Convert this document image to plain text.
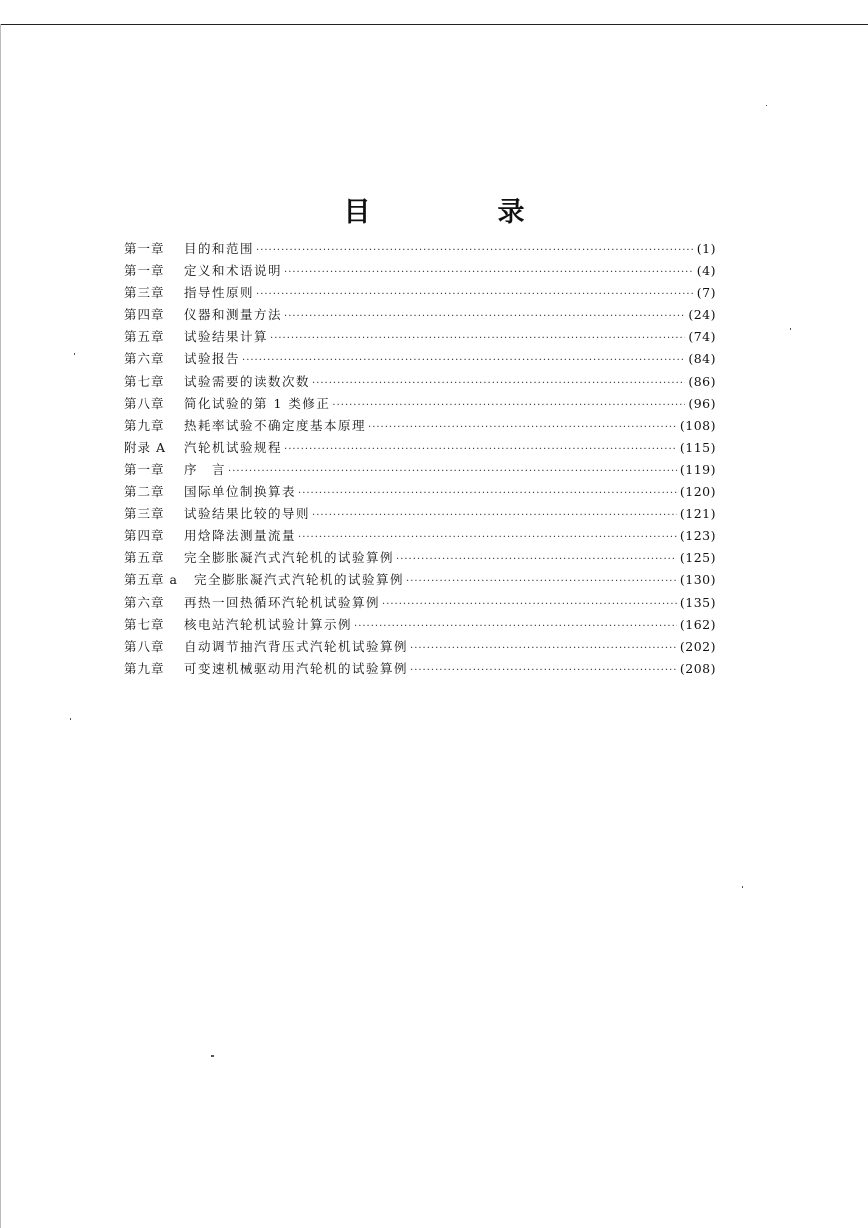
目　录
第一章	目的和范围 ·····	(1)
第一章	定义和术语说明 ·····	(4)
第三章	指导性原则 ·····	(7)
第四章	仪器和测量方法 ·····	(24)
第五章	试验结果计算 ·····	(74)
第六章	试验报告 ·····	(84)
第七章	试验需要的读数次数 ·····	(86)
第八章	简化试验的第 1 类修正 ·····	(96)
第九章	热耗率试验不确定度基本原理 ·····	(108)
附录 A	汽轮机试验规程 ·····	(115)
第一章	序　言 ·····	(119)
第二章	国际单位制换算表 ·····	(120)
第三章	试验结果比较的导则 ·····	(121)
第四章	用焓降法测量流量 ·····	(123)
第五章	完全膨胀凝汽式汽轮机的试验算例 ·····	(125)
第五章 a	完全膨胀凝汽式汽轮机的试验算例 ·····	(130)
第六章	再热一回热循环汽轮机试验算例 ·····	(135)
第七章	核电站汽轮机试验计算示例 ·····	(162)
第八章	自动调节抽汽背压式汽轮机试验算例 ·····	(202)
第九章	可变速机械驱动用汽轮机的试验算例 ·····	(208)
